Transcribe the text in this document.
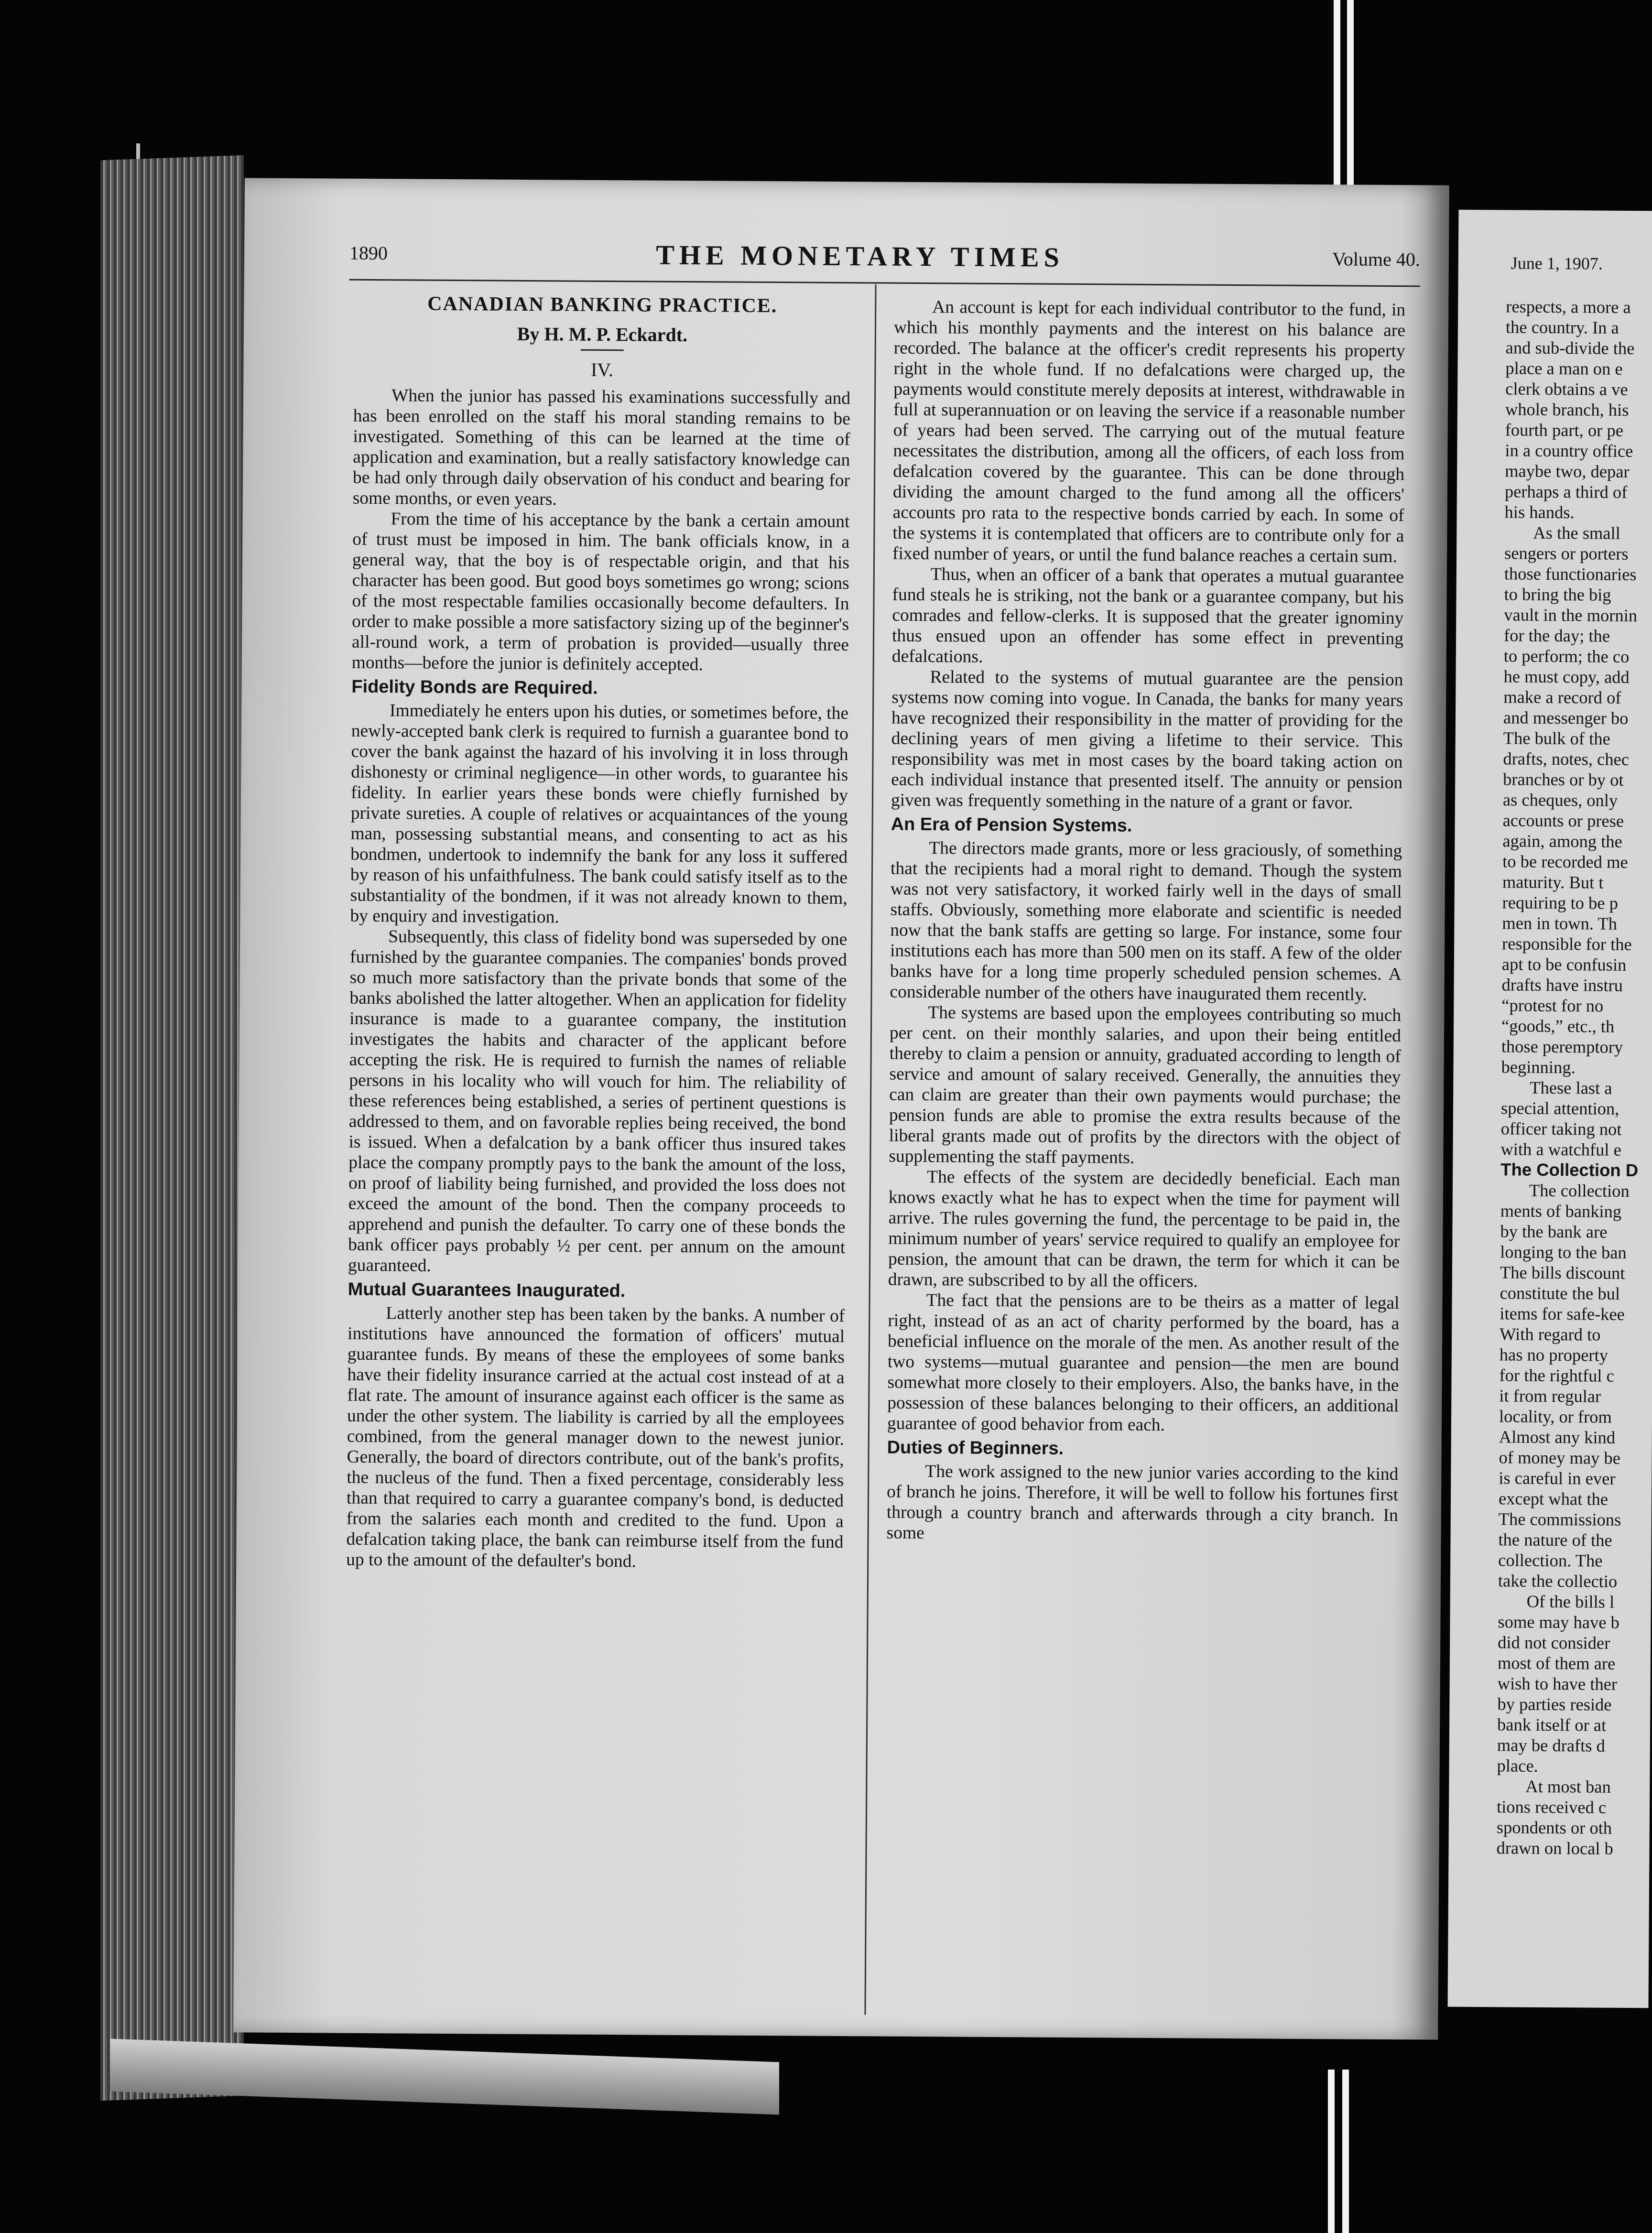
1890	THE MONETARY TIMES	Volume 40.
CANADIAN BANKING PRACTICE.
By H. M. P. Eckardt.
IV.

When the junior has passed his examinations successfully and has been enrolled on the staff his moral standing remains to be investigated. Something of this can be learned at the time of application and examination, but a really satisfactory knowledge can be had only through daily observation of his conduct and bearing for some months, or even years.

From the time of his acceptance by the bank a certain amount of trust must be imposed in him. The bank officials know, in a general way, that the boy is of respectable origin, and that his character has been good. But good boys sometimes go wrong; scions of the most respectable families occasionally become defaulters. In order to make possible a more satisfactory sizing up of the beginner's all-round work, a term of probation is provided—usually three months—before the junior is definitely accepted.

Fidelity Bonds are Required.

Immediately he enters upon his duties, or sometimes before, the newly-accepted bank clerk is required to furnish a guarantee bond to cover the bank against the hazard of his involving it in loss through dishonesty or criminal negligence—in other words, to guarantee his fidelity. In earlier years these bonds were chiefly furnished by private sureties. A couple of relatives or acquaintances of the young man, possessing substantial means, and consenting to act as his bondmen, undertook to indemnify the bank for any loss it suffered by reason of his unfaithfulness. The bank could satisfy itself as to the substantiality of the bondmen, if it was not already known to them, by enquiry and investigation.

Subsequently, this class of fidelity bond was superseded by one furnished by the guarantee companies. The companies' bonds proved so much more satisfactory than the private bonds that some of the banks abolished the latter altogether. When an application for fidelity insurance is made to a guarantee company, the institution investigates the habits and character of the applicant before accepting the risk. He is required to furnish the names of reliable persons in his locality who will vouch for him. The reliability of these references being established, a series of pertinent questions is addressed to them, and on favorable replies being received, the bond is issued. When a defalcation by a bank officer thus insured takes place the company promptly pays to the bank the amount of the loss, on proof of liability being furnished, and provided the loss does not exceed the amount of the bond. Then the company proceeds to apprehend and punish the defaulter. To carry one of these bonds the bank officer pays probably ½ per cent. per annum on the amount guaranteed.

Mutual Guarantees Inaugurated.

Latterly another step has been taken by the banks. A number of institutions have announced the formation of officers' mutual guarantee funds. By means of these the employees of some banks have their fidelity insurance carried at the actual cost instead of at a flat rate. The amount of insurance against each officer is the same as under the other system. The liability is carried by all the employees combined, from the general manager down to the newest junior. Generally, the board of directors contribute, out of the bank's profits, the nucleus of the fund. Then a fixed percentage, considerably less than that required to carry a guarantee company's bond, is deducted from the salaries each month and credited to the fund. Upon a defalcation taking place, the bank can reimburse itself from the fund up to the amount of the defaulter's bond.

An account is kept for each individual contributor to the fund, in which his monthly payments and the interest on his balance are recorded. The balance at the officer's credit represents his property right in the whole fund. If no defalcations were charged up, the payments would constitute merely deposits at interest, withdrawable in full at superannuation or on leaving the service if a reasonable number of years had been served. The carrying out of the mutual feature necessitates the distribution, among all the officers, of each loss from defalcation covered by the guarantee. This can be done through dividing the amount charged to the fund among all the officers' accounts pro rata to the respective bonds carried by each. In some of the systems it is contemplated that officers are to contribute only for a fixed number of years, or until the fund balance reaches a certain sum.

Thus, when an officer of a bank that operates a mutual guarantee fund steals he is striking, not the bank or a guarantee company, but his comrades and fellow-clerks. It is supposed that the greater ignominy thus ensued upon an offender has some effect in preventing defalcations.

Related to the systems of mutual guarantee are the pension systems now coming into vogue. In Canada, the banks for many years have recognized their responsibility in the matter of providing for the declining years of men giving a lifetime to their service. This responsibility was met in most cases by the board taking action on each individual instance that presented itself. The annuity or pension given was frequently something in the nature of a grant or favor.

An Era of Pension Systems.

The directors made grants, more or less graciously, of something that the recipients had a moral right to demand. Though the system was not very satisfactory, it worked fairly well in the days of small staffs. Obviously, something more elaborate and scientific is needed now that the bank staffs are getting so large. For instance, some four institutions each has more than 500 men on its staff. A few of the older banks have for a long time properly scheduled pension schemes. A considerable number of the others have inaugurated them recently.

The systems are based upon the employees contributing so much per cent. on their monthly salaries, and upon their being entitled thereby to claim a pension or annuity, graduated according to length of service and amount of salary received. Generally, the annuities they can claim are greater than their own payments would purchase; the pension funds are able to promise the extra results because of the liberal grants made out of profits by the directors with the object of supplementing the staff payments.

The effects of the system are decidedly beneficial. Each man knows exactly what he has to expect when the time for payment will arrive. The rules governing the fund, the percentage to be paid in, the minimum number of years' service required to qualify an employee for pension, the amount that can be drawn, the term for which it can be drawn, are subscribed to by all the officers.

The fact that the pensions are to be theirs as a matter of legal right, instead of as an act of charity performed by the board, has a beneficial influence on the morale of the men. As another result of the two systems—mutual guarantee and pension—the men are bound somewhat more closely to their employers. Also, the banks have, in the possession of these balances belonging to their officers, an additional guarantee of good behavior from each.

Duties of Beginners.

The work assigned to the new junior varies according to the kind of branch he joins. Therefore, it will be well to follow his fortunes first through a country branch and afterwards through a city branch. In some

June 1, 1907.
respects, a more a
the country. In a
and sub-divide the
place a man on e
clerk obtains a ve
whole branch, his
fourth part, or pe
in a country office
maybe two, depar
perhaps a third of
his hands.
As the small
sengers or porters
those functionaries
to bring the big
vault in the mornin
for the day; the
to perform; the co
he must copy, add
make a record of
and messenger bo
The bulk of the
drafts, notes, chec
branches or by ot
as cheques, only
accounts or prese
again, among the
to be recorded me
maturity. But t
requiring to be p
men in town. Th
responsible for the
apt to be confusin
drafts have instru
“protest for no
“goods,” etc., th
those peremptory
beginning.
These last a
special attention,
officer taking not
with a watchful e
The Collection D
The collection
ments of banking
by the bank are
longing to the ban
The bills discount
constitute the bul
items for safe-kee
With regard to
has no property
for the rightful c
it from regular
locality, or from
Almost any kind
of money may be
is careful in ever
except what the
The commissions
the nature of the
collection. The
take the collectio
Of the bills l
some may have b
did not consider
most of them are
wish to have ther
by parties reside
bank itself or at
may be drafts d
place.
At most ban
tions received c
spondents or oth
drawn on local b
